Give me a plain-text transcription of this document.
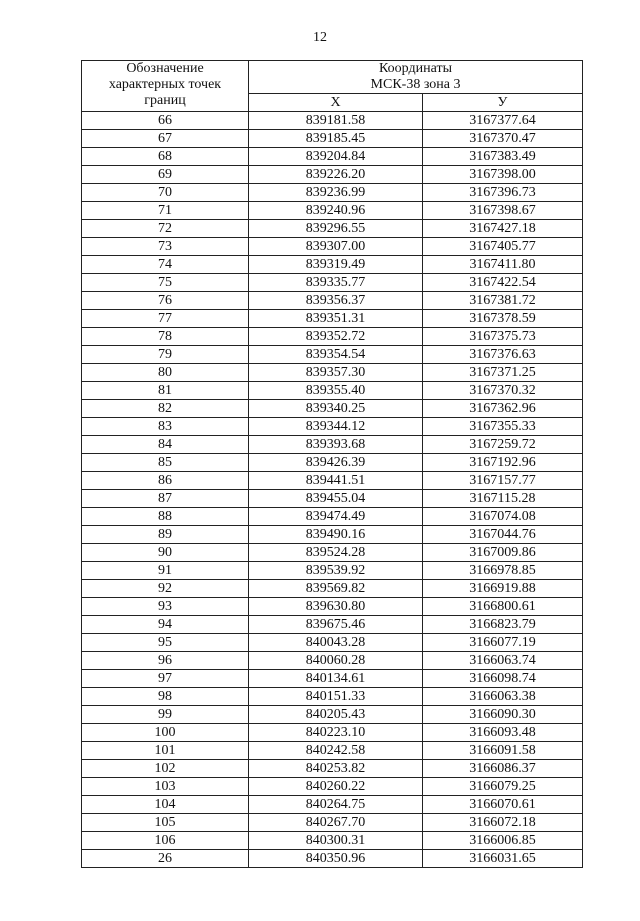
12
Обозначение
характерных точек
границ	Координаты
МСК-38 зона 3	

	X	У
66	839181.58	3167377.64
67	839185.45	3167370.47
68	839204.84	3167383.49
69	839226.20	3167398.00
70	839236.99	3167396.73
71	839240.96	3167398.67
72	839296.55	3167427.18
73	839307.00	3167405.77
74	839319.49	3167411.80
75	839335.77	3167422.54
76	839356.37	3167381.72
77	839351.31	3167378.59
78	839352.72	3167375.73
79	839354.54	3167376.63
80	839357.30	3167371.25
81	839355.40	3167370.32
82	839340.25	3167362.96
83	839344.12	3167355.33
84	839393.68	3167259.72
85	839426.39	3167192.96
86	839441.51	3167157.77
87	839455.04	3167115.28
88	839474.49	3167074.08
89	839490.16	3167044.76
90	839524.28	3167009.86
91	839539.92	3166978.85
92	839569.82	3166919.88
93	839630.80	3166800.61
94	839675.46	3166823.79
95	840043.28	3166077.19
96	840060.28	3166063.74
97	840134.61	3166098.74
98	840151.33	3166063.38
99	840205.43	3166090.30
100	840223.10	3166093.48
101	840242.58	3166091.58
102	840253.82	3166086.37
103	840260.22	3166079.25
104	840264.75	3166070.61
105	840267.70	3166072.18
106	840300.31	3166006.85
26	840350.96	3166031.65
